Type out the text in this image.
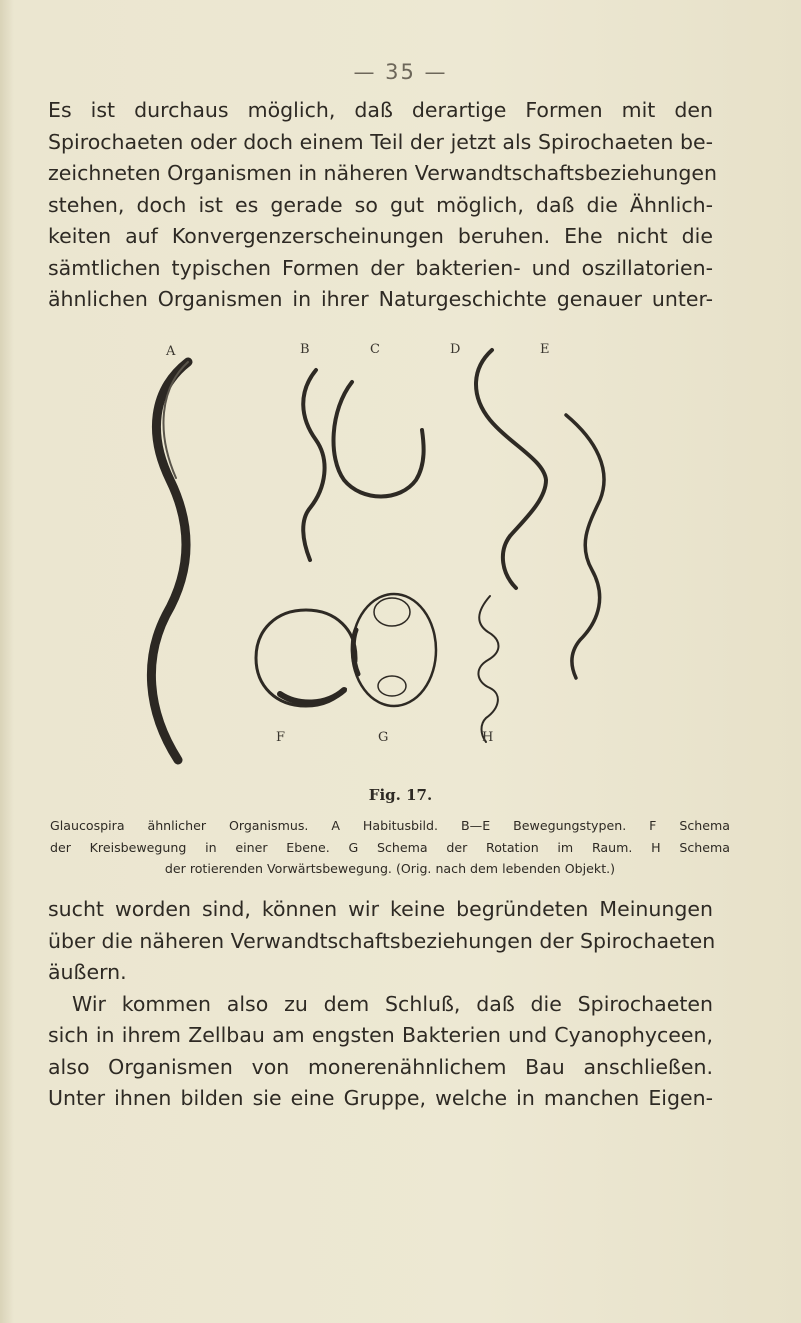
— 35 —
Es ist durchaus möglich, daß derartige Formen mit den
Spirochaeten oder doch einem Teil der jetzt als Spirochaeten be-
zeichneten Organismen in näheren Verwandtschaftsbeziehungen
stehen, doch ist es gerade so gut möglich, daß die Ähnlich-
keiten auf Konvergenzerscheinungen beruhen. Ehe nicht die
sämtlichen typischen Formen der bakterien- und oszillatorien-
ähnlichen Organismen in ihrer Naturgeschichte genauer unter-
A	B	C	D	E
F	G	H
Fig. 17.
Glaucospira ähnlicher Organismus. A Habitusbild. B—E Bewegungstypen. F Schema
der Kreisbewegung in einer Ebene. G Schema der Rotation im Raum. H Schema
der rotierenden Vorwärtsbewegung. (Orig. nach dem lebenden Objekt.)
sucht worden sind, können wir keine begründeten Meinungen
über die näheren Verwandtschaftsbeziehungen der Spirochaeten
äußern.
Wir kommen also zu dem Schluß, daß die Spirochaeten
sich in ihrem Zellbau am engsten Bakterien und Cyanophyceen,
also Organismen von monerenähnlichem Bau anschließen.
Unter ihnen bilden sie eine Gruppe, welche in manchen Eigen-
